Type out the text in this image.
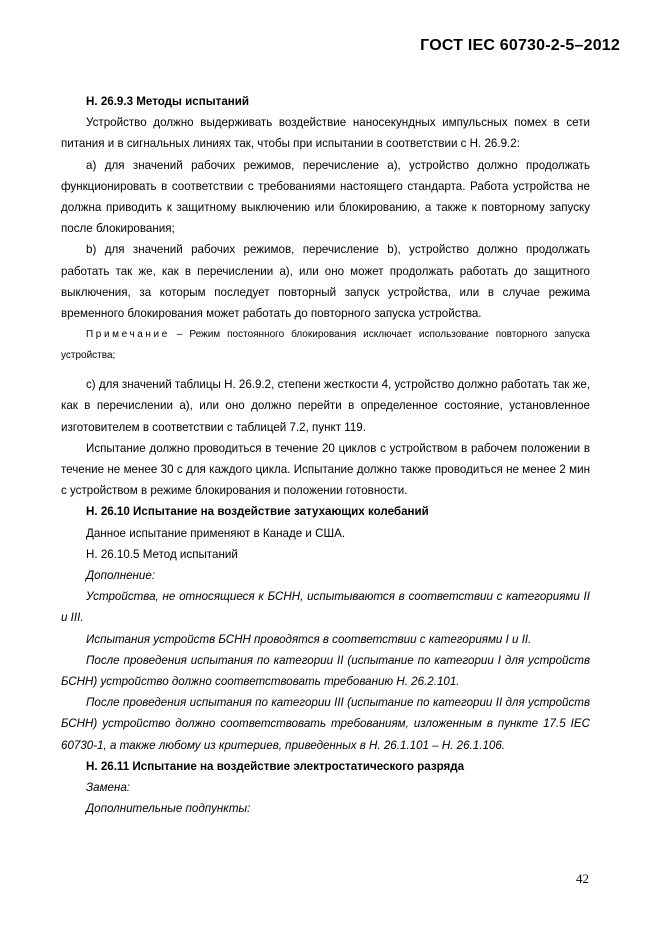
ГОСТ IEC 60730-2-5–2012

Н. 26.9.3 Методы испытаний

Устройство должно выдерживать воздействие наносекундных импульсных помех в сети питания и в сигнальных линиях так, чтобы при испытании в соответствии с Н. 26.9.2:

a) для значений рабочих режимов, перечисление a), устройство должно продолжать функционировать в соответствии с требованиями настоящего стандарта. Работа устройства не должна приводить к защитному выключению или блокированию, а также к повторному запуску после блокирования;

b) для значений рабочих режимов, перечисление b), устройство должно продолжать работать так же, как в перечислении a), или оно может продолжать работать до защитного выключения, за которым последует повторный запуск устройства, или в случае режима временного блокирования может работать до повторного запуска устройства.

Примечание – Режим постоянного блокирования исключает использование повторного запуска устройства;

c) для значений таблицы Н. 26.9.2, степени жесткости 4, устройство должно работать так же, как в перечислении a), или оно должно перейти в определенное состояние, установленное изготовителем в соответствии с таблицей 7.2, пункт 119.

Испытание должно проводиться в течение 20 циклов с устройством в рабочем положении в течение не менее 30 с для каждого цикла. Испытание должно также проводиться не менее 2 мин с устройством в режиме блокирования и положении готовности.

Н. 26.10 Испытание на воздействие затухающих колебаний

Данное испытание применяют в Канаде и США.

Н. 26.10.5 Метод испытаний

Дополнение:

Устройства, не относящиеся к БСНН, испытываются в соответствии с категориями II и III.

Испытания устройств БСНН проводятся в соответствии с категориями I и II.

После проведения испытания по категории II (испытание по категории I для устройств БСНН) устройство должно соответствовать требованию Н. 26.2.101.

После проведения испытания по категории III (испытание по категории II для устройств БСНН) устройство должно соответствовать требованиям, изложенным в пункте 17.5 IEC 60730-1, а также любому из критериев, приведенных в Н. 26.1.101 – Н. 26.1.106.

Н. 26.11 Испытание на воздействие электростатического разряда

Замена:

Дополнительные подпункты:

42
